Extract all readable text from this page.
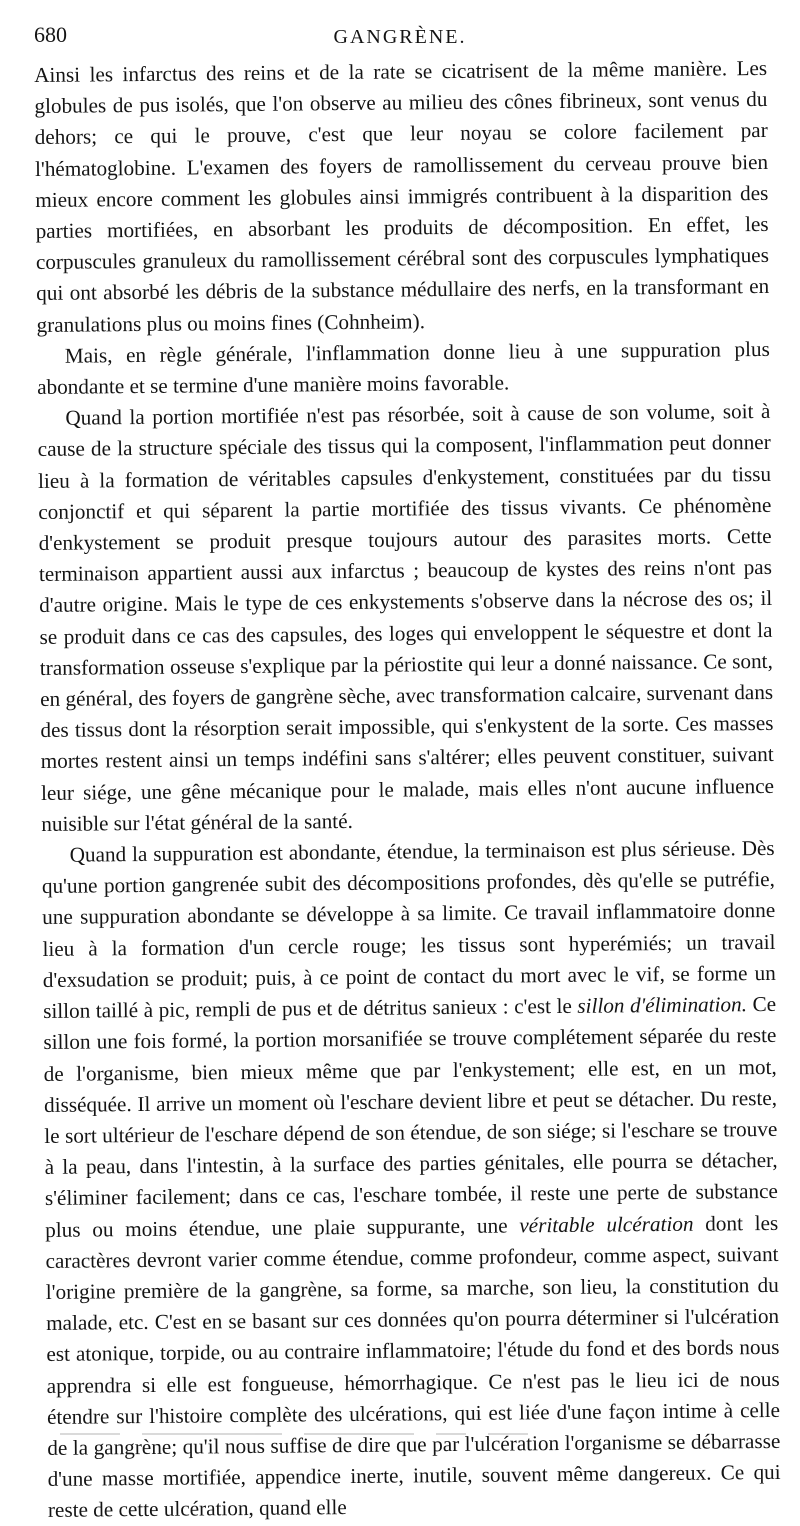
680	GANGRÈNE.

Ainsi les infarctus des reins et de la rate se cicatrisent de la même manière. Les globules de pus isolés, que l'on observe au milieu des cônes fibrineux, sont venus du dehors; ce qui le prouve, c'est que leur noyau se colore facilement par l'hématoglobine. L'examen des foyers de ramollissement du cerveau prouve bien mieux encore comment les globules ainsi immigrés contribuent à la disparition des parties mortifiées, en absorbant les produits de décomposition. En effet, les corpuscules granuleux du ramollissement cérébral sont des corpuscules lymphatiques qui ont absorbé les débris de la substance médullaire des nerfs, en la transformant en granulations plus ou moins fines (Cohnheim).

Mais, en règle générale, l'inflammation donne lieu à une suppuration plus abondante et se termine d'une manière moins favorable.

Quand la portion mortifiée n'est pas résorbée, soit à cause de son volume, soit à cause de la structure spéciale des tissus qui la composent, l'inflammation peut donner lieu à la formation de véritables capsules d'enkystement, constituées par du tissu conjonctif et qui séparent la partie mortifiée des tissus vivants. Ce phénomène d'enkystement se produit presque toujours autour des parasites morts. Cette terminaison appartient aussi aux infarctus ; beaucoup de kystes des reins n'ont pas d'autre origine. Mais le type de ces enkystements s'observe dans la nécrose des os; il se produit dans ce cas des capsules, des loges qui enveloppent le séquestre et dont la transformation osseuse s'explique par la périostite qui leur a donné naissance. Ce sont, en général, des foyers de gangrène sèche, avec transformation calcaire, survenant dans des tissus dont la résorption serait impossible, qui s'enkystent de la sorte. Ces masses mortes restent ainsi un temps indéfini sans s'altérer; elles peuvent constituer, suivant leur siége, une gêne mécanique pour le malade, mais elles n'ont aucune influence nuisible sur l'état général de la santé.

Quand la suppuration est abondante, étendue, la terminaison est plus sérieuse. Dès qu'une portion gangrenée subit des décompositions profondes, dès qu'elle se putréfie, une suppuration abondante se développe à sa limite. Ce travail inflammatoire donne lieu à la formation d'un cercle rouge; les tissus sont hyperémiés; un travail d'exsudation se produit; puis, à ce point de contact du mort avec le vif, se forme un sillon taillé à pic, rempli de pus et de détritus sanieux : c'est le sillon d'élimination. Ce sillon une fois formé, la portion morsanifiée se trouve complétement séparée du reste de l'organisme, bien mieux même que par l'enkystement; elle est, en un mot, disséquée. Il arrive un moment où l'eschare devient libre et peut se détacher. Du reste, le sort ultérieur de l'eschare dépend de son étendue, de son siége; si l'eschare se trouve à la peau, dans l'intestin, à la surface des parties génitales, elle pourra se détacher, s'éliminer facilement; dans ce cas, l'eschare tombée, il reste une perte de substance plus ou moins étendue, une plaie suppurante, une véritable ulcération dont les caractères devront varier comme étendue, comme profondeur, comme aspect, suivant l'origine première de la gangrène, sa forme, sa marche, son lieu, la constitution du malade, etc. C'est en se basant sur ces données qu'on pourra déterminer si l'ulcération est atonique, torpide, ou au contraire inflammatoire; l'étude du fond et des bords nous apprendra si elle est fongueuse, hémorrhagique. Ce n'est pas le lieu ici de nous étendre sur l'histoire complète des ulcérations, qui est liée d'une façon intime à celle de la gangrène; qu'il nous suffise de dire que par l'ulcération l'organisme se débarrasse d'une masse mortifiée, appendice inerte, inutile, souvent même dangereux. Ce qui reste de cette ulcération, quand elle
